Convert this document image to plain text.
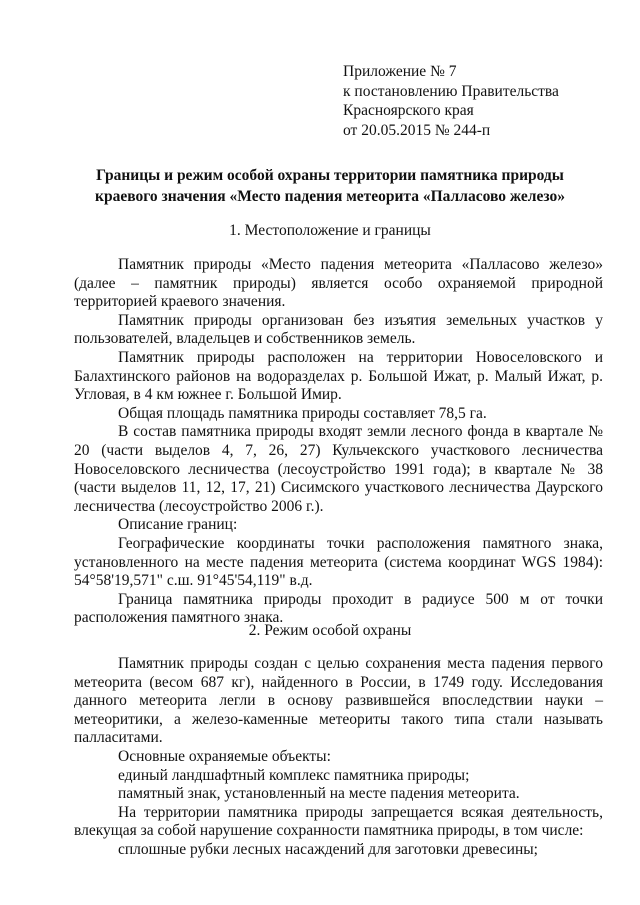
Приложение № 7
к постановлению Правительства
Красноярского края
от 20.05.2015 № 244-п
Границы и режим особой охраны территории памятника природы
краевого значения «Место падения метеорита «Палласово железо»
1. Местоположение и границы

Памятник природы «Место падения метеорита «Палласово железо» (далее – памятник природы) является особо охраняемой природной территорией краевого значения.

Памятник природы организован без изъятия земельных участков у пользователей, владельцев и собственников земель.

Памятник природы расположен на территории Новоселовского и Балахтинского районов на водоразделах р. Большой Ижат, р. Малый Ижат, р. Угловая, в 4 км южнее г. Большой Имир.

Общая площадь памятника природы составляет 78,5 га.

В состав памятника природы входят земли лесного фонда в квартале № 20 (части выделов 4, 7, 26, 27) Кульчекского участкового лесничества Новоселовского лесничества (лесоустройство 1991 года); в квартале № 38 (части выделов 11, 12, 17, 21) Сисимского участкового лесничества Даурского лесничества (лесоустройство 2006 г.).

Описание границ:

Географические координаты точки расположения памятного знака, установленного на месте падения метеорита (система координат WGS 1984): 54°58'19,571" с.ш. 91°45'54,119" в.д.

Граница памятника природы проходит в радиусе 500 м от точки расположения памятного знака.

2. Режим особой охраны

Памятник природы создан с целью сохранения места падения первого метеорита (весом 687 кг), найденного в России, в 1749 году. Исследования данного метеорита легли в основу развившейся впоследствии науки – метеоритики, а железо-каменные метеориты такого типа стали называть палласитами.

Основные охраняемые объекты:

единый ландшафтный комплекс памятника природы;

памятный знак, установленный на месте падения метеорита.

На территории памятника природы запрещается всякая деятельность, влекущая за собой нарушение сохранности памятника природы, в том числе:

сплошные рубки лесных насаждений для заготовки древесины;
